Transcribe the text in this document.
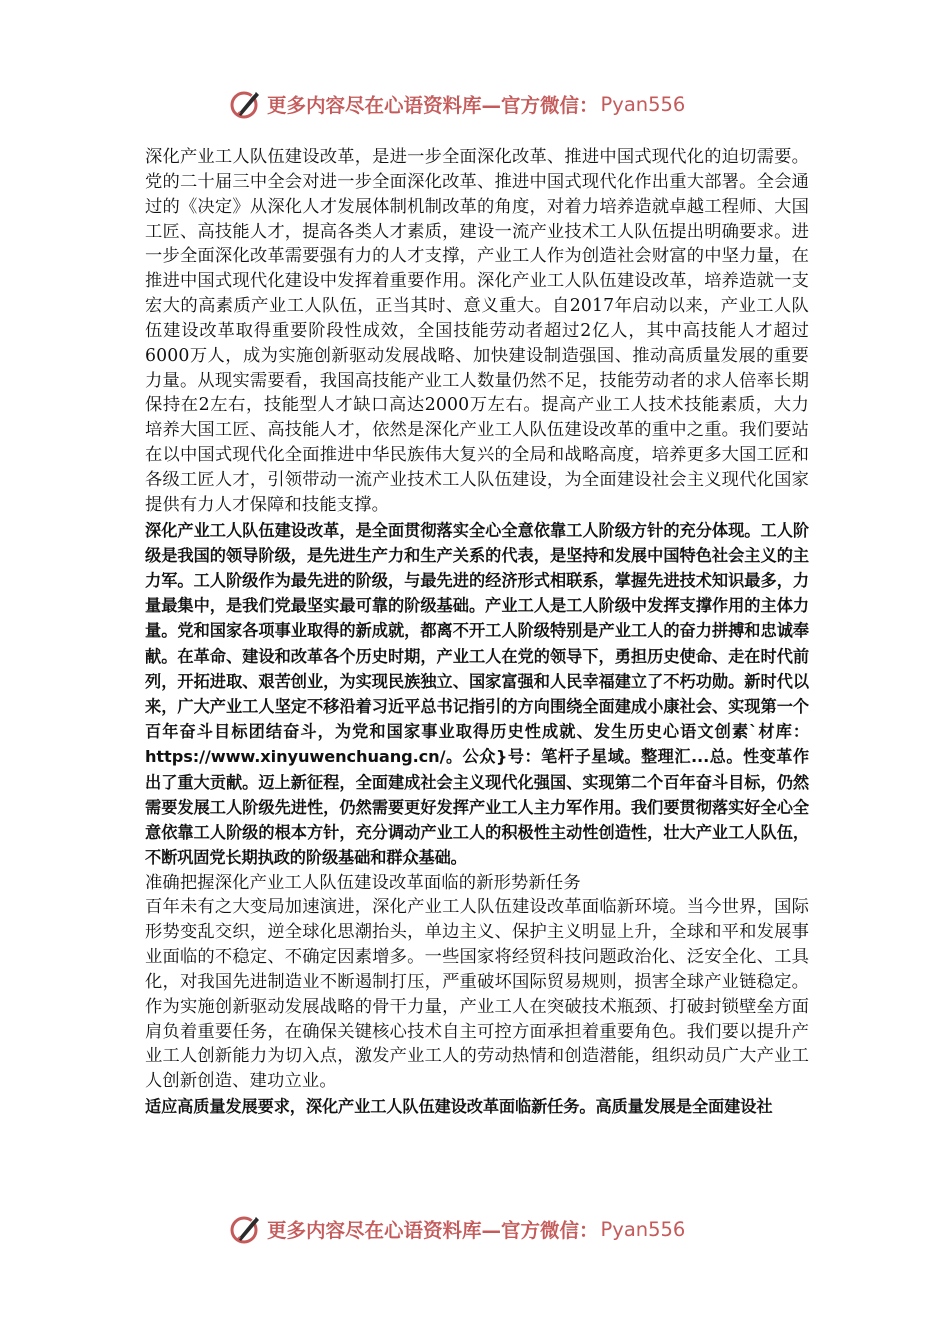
更多内容尽在心语资料库—官方微信： Pyan556

深化产业工人队伍建设改革，是进一步全面深化改革、推进中国式现代化的迫切需要。党的二十届三中全会对进一步全面深化改革、推进中国式现代化作出重大部署。全会通过的《决定》从深化人才发展体制机制改革的角度，对着力培养造就卓越工程师、大国工匠、高技能人才，提高各类人才素质，建设一流产业技术工人队伍提出明确要求。进一步全面深化改革需要强有力的人才支撑，产业工人作为创造社会财富的中坚力量，在推进中国式现代化建设中发挥着重要作用。深化产业工人队伍建设改革，培养造就一支宏大的高素质产业工人队伍，正当其时、意义重大。自2017年启动以来，产业工人队伍建设改革取得重要阶段性成效，全国技能劳动者超过2亿人，其中高技能人才超过6000万人，成为实施创新驱动发展战略、加快建设制造强国、推动高质量发展的重要力量。从现实需要看，我国高技能产业工人数量仍然不足，技能劳动者的求人倍率长期保持在2左右，技能型人才缺口高达2000万左右。提高产业工人技术技能素质，大力培养大国工匠、高技能人才，依然是深化产业工人队伍建设改革的重中之重。我们要站在以中国式现代化全面推进中华民族伟大复兴的全局和战略高度，培养更多大国工匠和各级工匠人才，引领带动一流产业技术工人队伍建设，为全面建设社会主义现代化国家提供有力人才保障和技能支撑。

深化产业工人队伍建设改革，是全面贯彻落实全心全意依靠工人阶级方针的充分体现。工人阶级是我国的领导阶级，是先进生产力和生产关系的代表，是坚持和发展中国特色社会主义的主力军。工人阶级作为最先进的阶级，与最先进的经济形式相联系，掌握先进技术知识最多，力量最集中，是我们党最坚实最可靠的阶级基础。产业工人是工人阶级中发挥支撑作用的主体力量。党和国家各项事业取得的新成就，都离不开工人阶级特别是产业工人的奋力拼搏和忠诚奉献。在革命、建设和改革各个历史时期，产业工人在党的领导下，勇担历史使命、走在时代前列，开拓进取、艰苦创业，为实现民族独立、国家富强和人民幸福建立了不朽功勋。新时代以来，广大产业工人坚定不移沿着习近平总书记指引的方向围绕全面建成小康社会、实现第一个百年奋斗目标团结奋斗，为党和国家事业取得历史性成就、发生历史心语文创素`材库：https://www.xinyuwenchuang.cn/。公众}号：笔杆子星域。整理汇...总。性变革作出了重大贡献。迈上新征程，全面建成社会主义现代化强国、实现第二个百年奋斗目标，仍然需要发展工人阶级先进性，仍然需要更好发挥产业工人主力军作用。我们要贯彻落实好全心全意依靠工人阶级的根本方针，充分调动产业工人的积极性主动性创造性，壮大产业工人队伍，不断巩固党长期执政的阶级基础和群众基础。

准确把握深化产业工人队伍建设改革面临的新形势新任务

百年未有之大变局加速演进，深化产业工人队伍建设改革面临新环境。当今世界，国际形势变乱交织，逆全球化思潮抬头，单边主义、保护主义明显上升，全球和平和发展事业面临的不稳定、不确定因素增多。一些国家将经贸科技问题政治化、泛安全化、工具化，对我国先进制造业不断遏制打压，严重破坏国际贸易规则，损害全球产业链稳定。作为实施创新驱动发展战略的骨干力量，产业工人在突破技术瓶颈、打破封锁壁垒方面肩负着重要任务，在确保关键核心技术自主可控方面承担着重要角色。我们要以提升产业工人创新能力为切入点，激发产业工人的劳动热情和创造潜能，组织动员广大产业工人创新创造、建功立业。

适应高质量发展要求，深化产业工人队伍建设改革面临新任务。高质量发展是全面建设社

更多内容尽在心语资料库—官方微信： Pyan556
